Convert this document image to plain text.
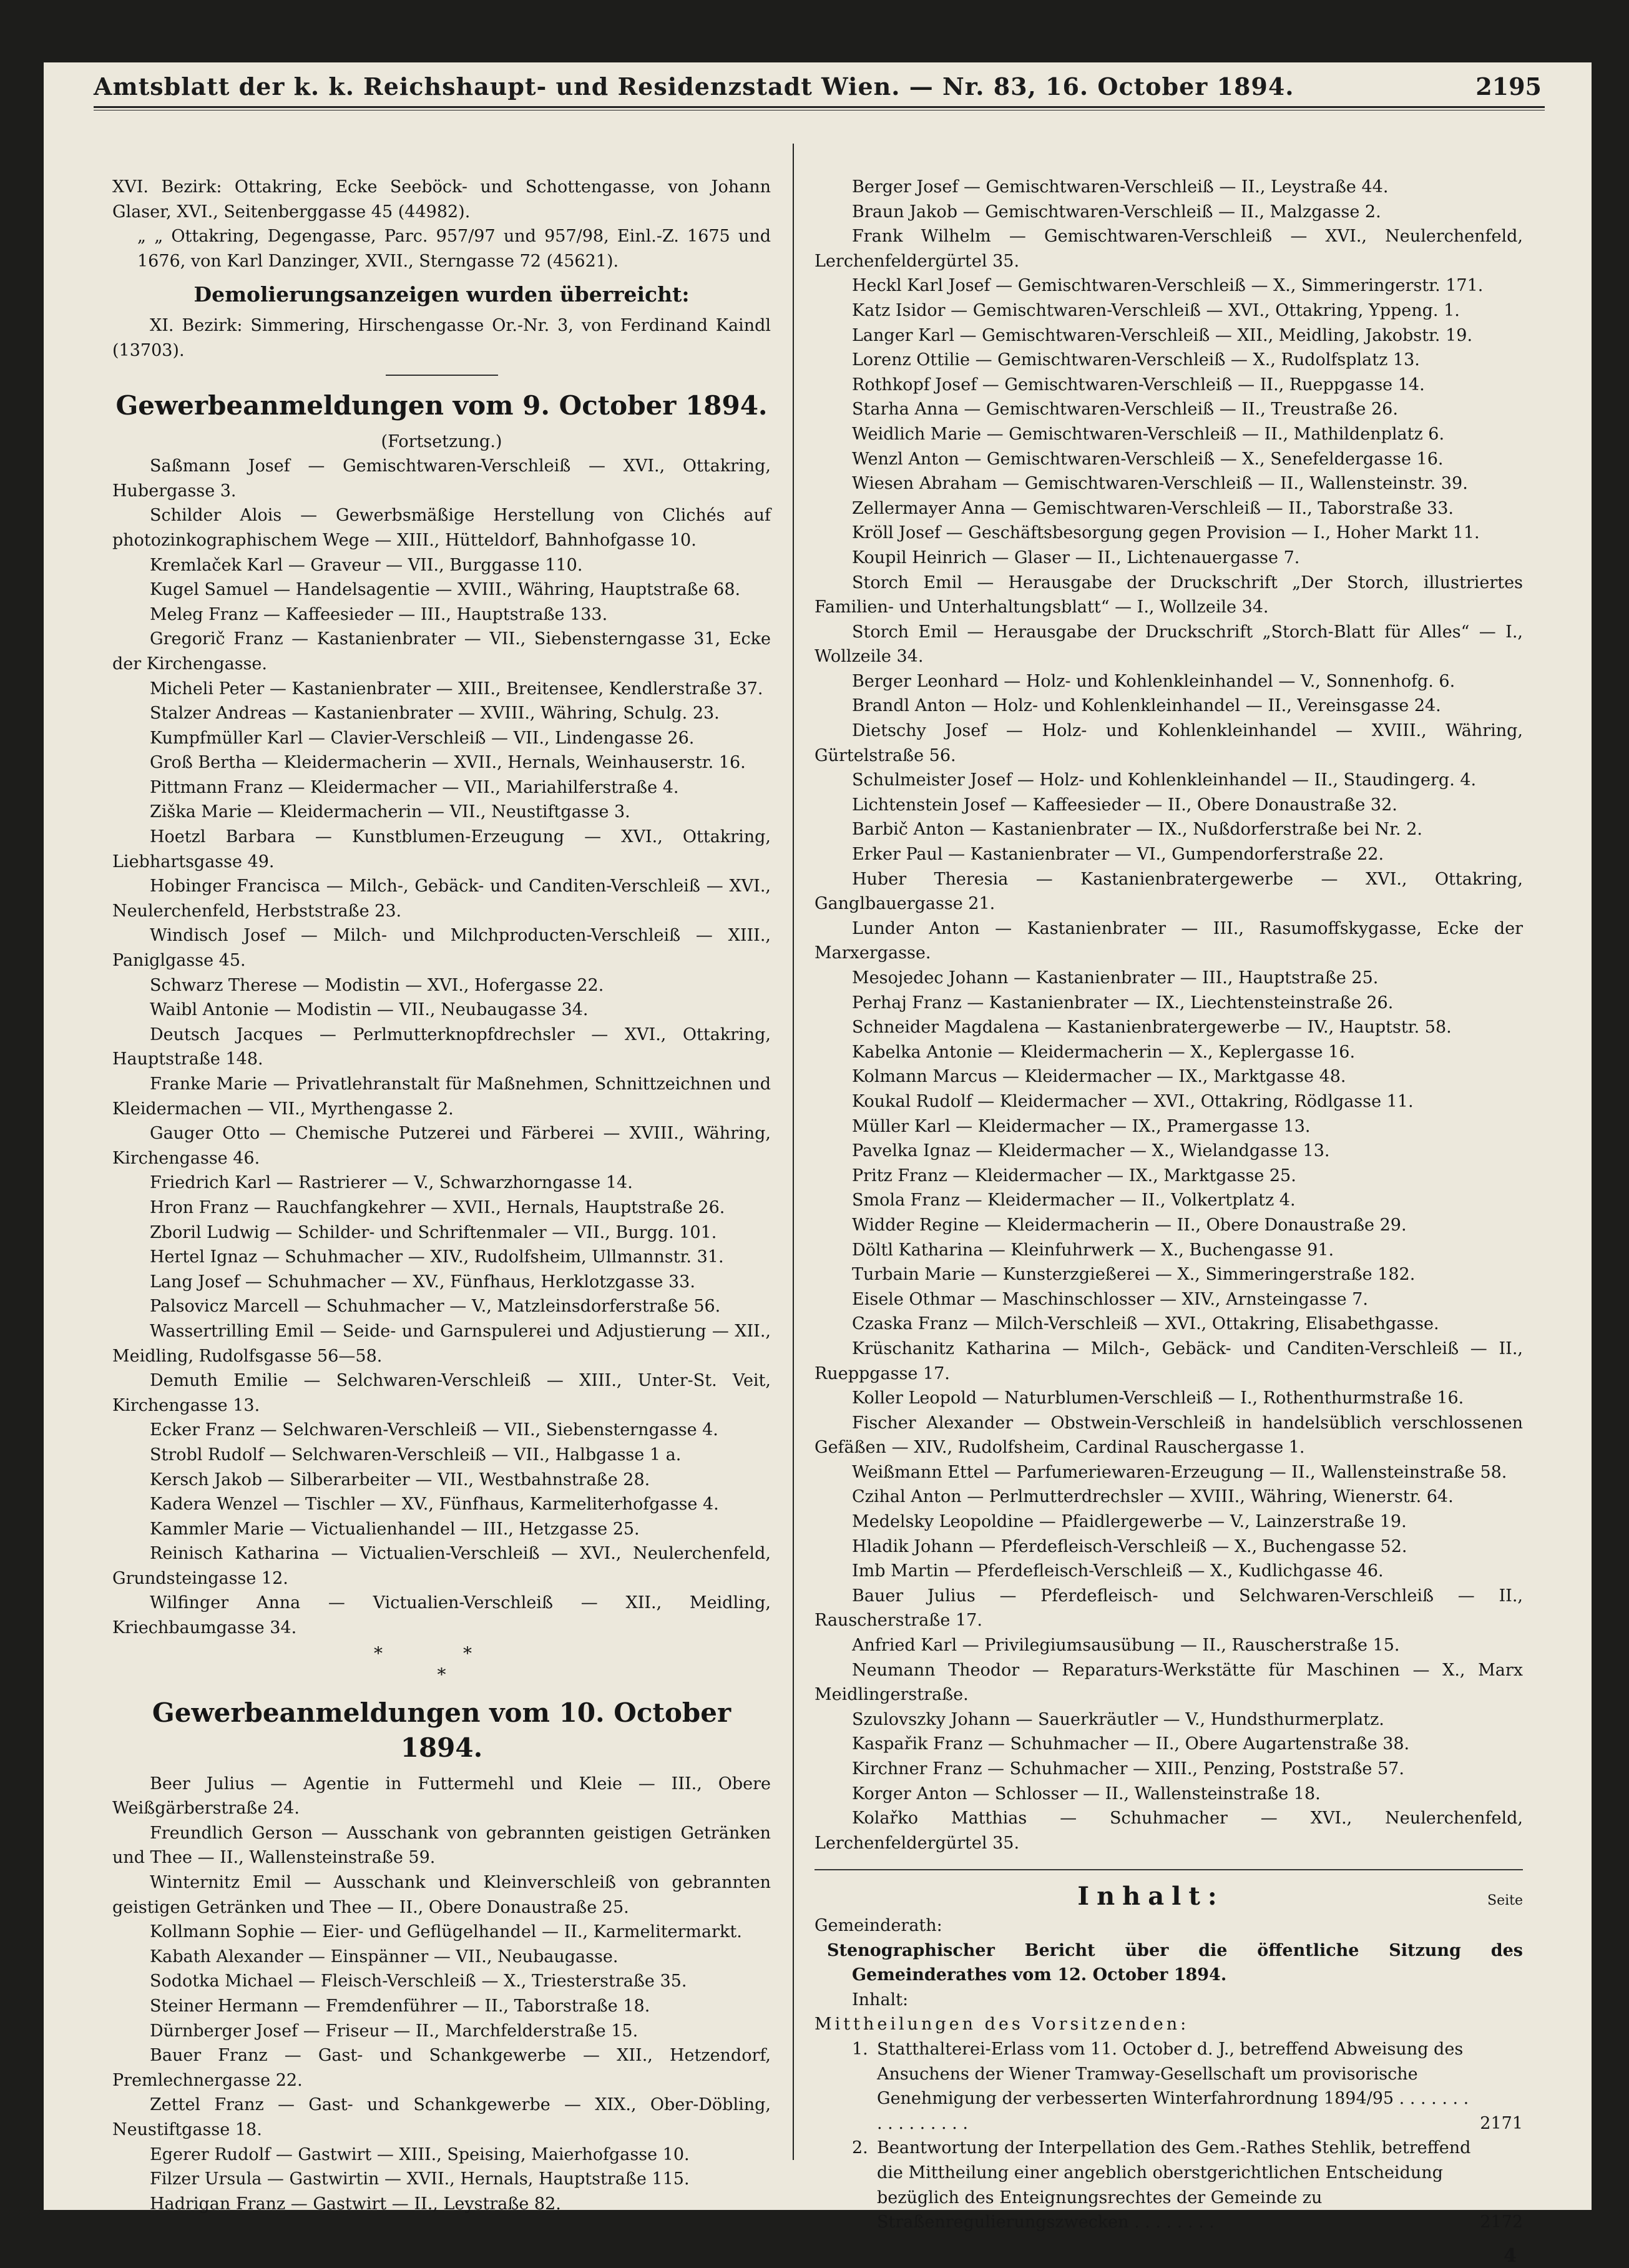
Amtsblatt der k. k. Reichshaupt- und Residenzstadt Wien. — Nr. 83, 16. October 1894.	2195

XVI. Bezirk: Ottakring, Ecke Seeböck- und Schottengasse, von Johann Glaser, XVI., Seitenberggasse 45 (44982).

„ „ Ottakring, Degengasse, Parc. 957/97 und 957/98, Einl.-Z. 1675 und 1676, von Karl Danzinger, XVII., Sterngasse 72 (45621).

Demolierungsanzeigen wurden überreicht:

XI. Bezirk: Simmering, Hirschengasse Or.-Nr. 3, von Ferdinand Kaindl (13703).

Gewerbeanmeldungen vom 9. October 1894.

(Fortsetzung.)

Saßmann Josef — Gemischtwaren-Verschleiß — XVI., Ottakring, Hubergasse 3.

Schilder Alois — Gewerbsmäßige Herstellung von Clichés auf photozinkographischem Wege — XIII., Hütteldorf, Bahnhofgasse 10.

Kremlaček Karl — Graveur — VII., Burggasse 110.

Kugel Samuel — Handelsagentie — XVIII., Währing, Hauptstraße 68.

Meleg Franz — Kaffeesieder — III., Hauptstraße 133.

Gregorič Franz — Kastanienbrater — VII., Siebensterngasse 31, Ecke der Kirchengasse.

Micheli Peter — Kastanienbrater — XIII., Breitensee, Kendlerstraße 37.

Stalzer Andreas — Kastanienbrater — XVIII., Währing, Schulg. 23.

Kumpfmüller Karl — Clavier-Verschleiß — VII., Lindengasse 26.

Groß Bertha — Kleidermacherin — XVII., Hernals, Weinhauserstr. 16.

Pittmann Franz — Kleidermacher — VII., Mariahilferstraße 4.

Ziška Marie — Kleidermacherin — VII., Neustiftgasse 3.

Hoetzl Barbara — Kunstblumen-Erzeugung — XVI., Ottakring, Liebhartsgasse 49.

Hobinger Francisca — Milch-, Gebäck- und Canditen-Verschleiß — XVI., Neulerchenfeld, Herbststraße 23.

Windisch Josef — Milch- und Milchproducten-Verschleiß — XIII., Paniglgasse 45.

Schwarz Therese — Modistin — XVI., Hofergasse 22.

Waibl Antonie — Modistin — VII., Neubaugasse 34.

Deutsch Jacques — Perlmutterknopfdrechsler — XVI., Ottakring, Hauptstraße 148.

Franke Marie — Privatlehranstalt für Maßnehmen, Schnittzeichnen und Kleidermachen — VII., Myrthengasse 2.

Gauger Otto — Chemische Putzerei und Färberei — XVIII., Währing, Kirchengasse 46.

Friedrich Karl — Rastrierer — V., Schwarzhorngasse 14.

Hron Franz — Rauchfangkehrer — XVII., Hernals, Hauptstraße 26.

Zboril Ludwig — Schilder- und Schriftenmaler — VII., Burgg. 101.

Hertel Ignaz — Schuhmacher — XIV., Rudolfsheim, Ullmannstr. 31.

Lang Josef — Schuhmacher — XV., Fünfhaus, Herklotzgasse 33.

Palsovicz Marcell — Schuhmacher — V., Matzleinsdorferstraße 56.

Wassertrilling Emil — Seide- und Garnspulerei und Adjustierung — XII., Meidling, Rudolfsgasse 56—58.

Demuth Emilie — Selchwaren-Verschleiß — XIII., Unter-St. Veit, Kirchengasse 13.

Ecker Franz — Selchwaren-Verschleiß — VII., Siebensterngasse 4.

Strobl Rudolf — Selchwaren-Verschleiß — VII., Halbgasse 1 a.

Kersch Jakob — Silberarbeiter — VII., Westbahnstraße 28.

Kadera Wenzel — Tischler — XV., Fünfhaus, Karmeliterhofgasse 4.

Kammler Marie — Victualienhandel — III., Hetzgasse 25.

Reinisch Katharina — Victualien-Verschleiß — XVI., Neulerchenfeld, Grundsteingasse 12.

Wilfinger Anna — Victualien-Verschleiß — XII., Meidling, Kriechbaumgasse 34.

* *
*
Gewerbeanmeldungen vom 10. October 1894.

Beer Julius — Agentie in Futtermehl und Kleie — III., Obere Weißgärberstraße 24.

Freundlich Gerson — Ausschank von gebrannten geistigen Getränken und Thee — II., Wallensteinstraße 59.

Winternitz Emil — Ausschank und Kleinverschleiß von gebrannten geistigen Getränken und Thee — II., Obere Donaustraße 25.

Kollmann Sophie — Eier- und Geflügelhandel — II., Karmelitermarkt.

Kabath Alexander — Einspänner — VII., Neubaugasse.

Sodotka Michael — Fleisch-Verschleiß — X., Triesterstraße 35.

Steiner Hermann — Fremdenführer — II., Taborstraße 18.

Dürnberger Josef — Friseur — II., Marchfelderstraße 15.

Bauer Franz — Gast- und Schankgewerbe — XII., Hetzendorf, Premlechnergasse 22.

Zettel Franz — Gast- und Schankgewerbe — XIX., Ober-Döbling, Neustiftgasse 18.

Egerer Rudolf — Gastwirt — XIII., Speising, Maierhofgasse 10.

Filzer Ursula — Gastwirtin — XVII., Hernals, Hauptstraße 115.

Hadrigan Franz — Gastwirt — II., Leystraße 82.

Berger Josef — Gemischtwaren-Verschleiß — II., Leystraße 44.

Braun Jakob — Gemischtwaren-Verschleiß — II., Malzgasse 2.

Frank Wilhelm — Gemischtwaren-Verschleiß — XVI., Neulerchenfeld, Lerchenfeldergürtel 35.

Heckl Karl Josef — Gemischtwaren-Verschleiß — X., Simmeringerstr. 171.

Katz Isidor — Gemischtwaren-Verschleiß — XVI., Ottakring, Yppeng. 1.

Langer Karl — Gemischtwaren-Verschleiß — XII., Meidling, Jakobstr. 19.

Lorenz Ottilie — Gemischtwaren-Verschleiß — X., Rudolfsplatz 13.

Rothkopf Josef — Gemischtwaren-Verschleiß — II., Rueppgasse 14.

Starha Anna — Gemischtwaren-Verschleiß — II., Treustraße 26.

Weidlich Marie — Gemischtwaren-Verschleiß — II., Mathildenplatz 6.

Wenzl Anton — Gemischtwaren-Verschleiß — X., Senefeldergasse 16.

Wiesen Abraham — Gemischtwaren-Verschleiß — II., Wallensteinstr. 39.

Zellermayer Anna — Gemischtwaren-Verschleiß — II., Taborstraße 33.

Kröll Josef — Geschäftsbesorgung gegen Provision — I., Hoher Markt 11.

Koupil Heinrich — Glaser — II., Lichtenauergasse 7.

Storch Emil — Herausgabe der Druckschrift „Der Storch, illustriertes Familien- und Unterhaltungsblatt“ — I., Wollzeile 34.

Storch Emil — Herausgabe der Druckschrift „Storch-Blatt für Alles“ — I., Wollzeile 34.

Berger Leonhard — Holz- und Kohlenkleinhandel — V., Sonnenhofg. 6.

Brandl Anton — Holz- und Kohlenkleinhandel — II., Vereinsgasse 24.

Dietschy Josef — Holz- und Kohlenkleinhandel — XVIII., Währing, Gürtelstraße 56.

Schulmeister Josef — Holz- und Kohlenkleinhandel — II., Staudingerg. 4.

Lichtenstein Josef — Kaffeesieder — II., Obere Donaustraße 32.

Barbič Anton — Kastanienbrater — IX., Nußdorferstraße bei Nr. 2.

Erker Paul — Kastanienbrater — VI., Gumpendorferstraße 22.

Huber Theresia — Kastanienbratergewerbe — XVI., Ottakring, Ganglbauergasse 21.

Lunder Anton — Kastanienbrater — III., Rasumoffskygasse, Ecke der Marxergasse.

Mesojedec Johann — Kastanienbrater — III., Hauptstraße 25.

Perhaj Franz — Kastanienbrater — IX., Liechtensteinstraße 26.

Schneider Magdalena — Kastanienbratergewerbe — IV., Hauptstr. 58.

Kabelka Antonie — Kleidermacherin — X., Keplergasse 16.

Kolmann Marcus — Kleidermacher — IX., Marktgasse 48.

Koukal Rudolf — Kleidermacher — XVI., Ottakring, Rödlgasse 11.

Müller Karl — Kleidermacher — IX., Pramergasse 13.

Pavelka Ignaz — Kleidermacher — X., Wielandgasse 13.

Pritz Franz — Kleidermacher — IX., Marktgasse 25.

Smola Franz — Kleidermacher — II., Volkertplatz 4.

Widder Regine — Kleidermacherin — II., Obere Donaustraße 29.

Döltl Katharina — Kleinfuhrwerk — X., Buchengasse 91.

Turbain Marie — Kunsterzgießerei — X., Simmeringerstraße 182.

Eisele Othmar — Maschinschlosser — XIV., Arnsteingasse 7.

Czaska Franz — Milch-Verschleiß — XVI., Ottakring, Elisabethgasse.

Krüschanitz Katharina — Milch-, Gebäck- und Canditen-Verschleiß — II., Rueppgasse 17.

Koller Leopold — Naturblumen-Verschleiß — I., Rothenthurmstraße 16.

Fischer Alexander — Obstwein-Verschleiß in handelsüblich verschlossenen Gefäßen — XIV., Rudolfsheim, Cardinal Rauschergasse 1.

Weißmann Ettel — Parfumeriewaren-Erzeugung — II., Wallensteinstraße 58.

Czihal Anton — Perlmutterdrechsler — XVIII., Währing, Wienerstr. 64.

Medelsky Leopoldine — Pfaidlergewerbe — V., Lainzerstraße 19.

Hladik Johann — Pferdefleisch-Verschleiß — X., Buchengasse 52.

Imb Martin — Pferdefleisch-Verschleiß — X., Kudlichgasse 46.

Bauer Julius — Pferdefleisch- und Selchwaren-Verschleiß — II., Rauscherstraße 17.

Anfried Karl — Privilegiumsausübung — II., Rauscherstraße 15.

Neumann Theodor — Reparaturs-Werkstätte für Maschinen — X., Marx Meidlingerstraße.

Szulovszky Johann — Sauerkräutler — V., Hundsthurmerplatz.

Kaspařik Franz — Schuhmacher — II., Obere Augartenstraße 38.

Kirchner Franz — Schuhmacher — XIII., Penzing, Poststraße 57.

Korger Anton — Schlosser — II., Wallensteinstraße 18.

Kolařko Matthias — Schuhmacher — XVI., Neulerchenfeld, Lerchenfeldergürtel 35.

Inhalt:	Seite

Gemeinderath:

Stenographischer Bericht über die öffentliche Sitzung des Gemeinderathes vom 12. October 1894.

Inhalt:

Mittheilungen des Vorsitzenden:

1. Statthalterei-Erlass vom 11. October d. J., betreffend Abweisung des Ansuchens der Wiener Tramway-Gesellschaft um provisorische Genehmigung der verbesserten Winterfahrordnung 1894/95 . . . . . . . . . . . . . . . .	2171
2. Beantwortung der Interpellation des Gem.-Rathes Stehlik, betreffend die Mittheilung einer angeblich oberstgerichtlichen Entscheidung bezüglich des Enteignungsrechtes der Gemeinde zu Straßenregulierungszwecken . . . . . . . .	2172
4
